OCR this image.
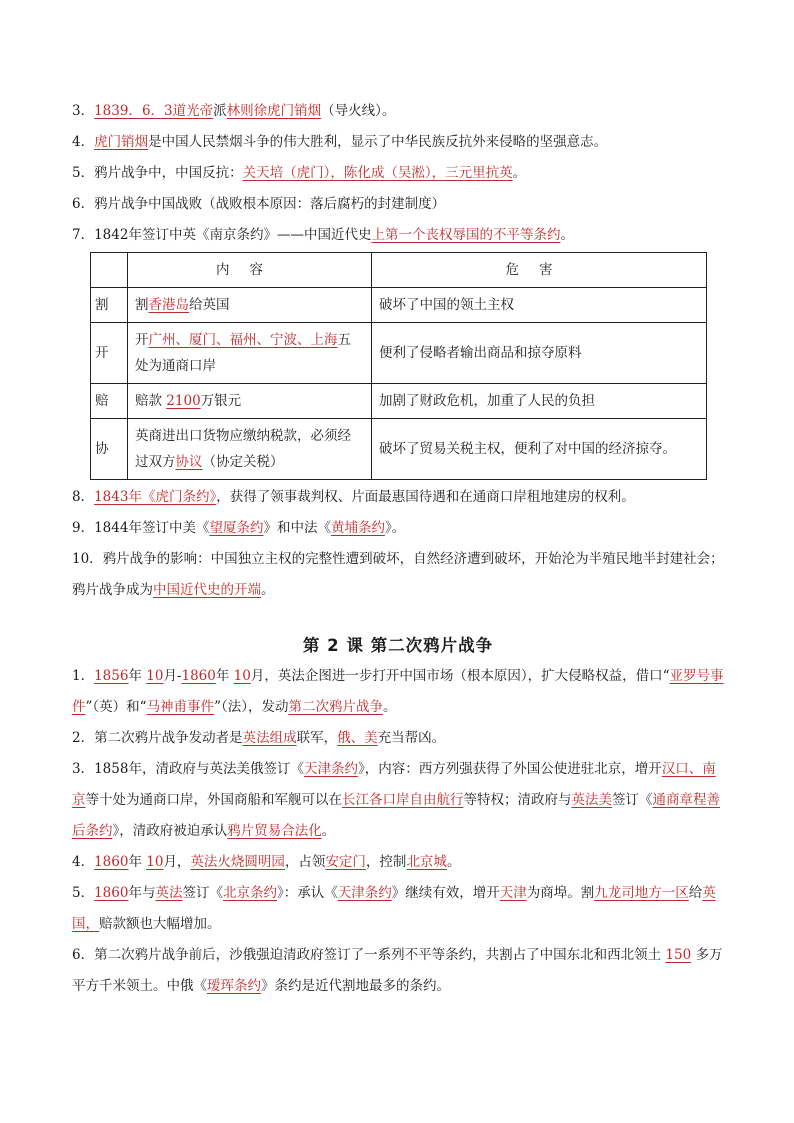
3．1839．6．3道光帝派林则徐虎门销烟（导火线）。

4．虎门销烟是中国人民禁烟斗争的伟大胜利，显示了中华民族反抗外来侵略的坚强意志。

5．鸦片战争中，中国反抗：关天培（虎门），陈化成（吴淞），三元里抗英。

6．鸦片战争中国战败（战败根本原因：落后腐朽的封建制度）

7．1842年签订中英《南京条约》——中国近代史上第一个丧权辱国的不平等条约。

	内容	危害
割	割香港岛给英国	破坏了中国的领土主权
开	开广州、厦门、福州、宁波、上海五处为通商口岸	便利了侵略者输出商品和掠夺原料
赔	赔款 2100万银元	加剧了财政危机，加重了人民的负担
协	英商进出口货物应缴纳税款，必须经过双方协议（协定关税）	破坏了贸易关税主权，便利了对中国的经济掠夺。

8．1843年《虎门条约》，获得了领事裁判权、片面最惠国待遇和在通商口岸租地建房的权利。

9．1844年签订中美《望厦条约》和中法《黄埔条约》。

10．鸦片战争的影响：中国独立主权的完整性遭到破坏，自然经济遭到破坏，开始沦为半殖民地半封建社会；鸦片战争成为中国近代史的开端。

第 2 课 第二次鸦片战争

1．1856年 10月-1860年 10月，英法企图进一步打开中国市场（根本原因），扩大侵略权益，借口“亚罗号事件”（英）和“马神甫事件”（法），发动第二次鸦片战争。

2．第二次鸦片战争发动者是英法组成联军，俄、美充当帮凶。

3．1858年，清政府与英法美俄签订《天津条约》，内容：西方列强获得了外国公使进驻北京，增开汉口、南京等十处为通商口岸，外国商船和军舰可以在长江各口岸自由航行等特权；清政府与英法美签订《通商章程善后条约》，清政府被迫承认鸦片贸易合法化。

4．1860年 10月，英法火烧圆明园，占领安定门，控制北京城。

5．1860年与英法签订《北京条约》：承认《天津条约》继续有效，增开天津为商埠。割九龙司地方一区给英国，赔款额也大幅增加。

6．第二次鸦片战争前后，沙俄强迫清政府签订了一系列不平等条约，共割占了中国东北和西北领土 150 多万平方千米领土。中俄《瑷珲条约》条约是近代割地最多的条约。
